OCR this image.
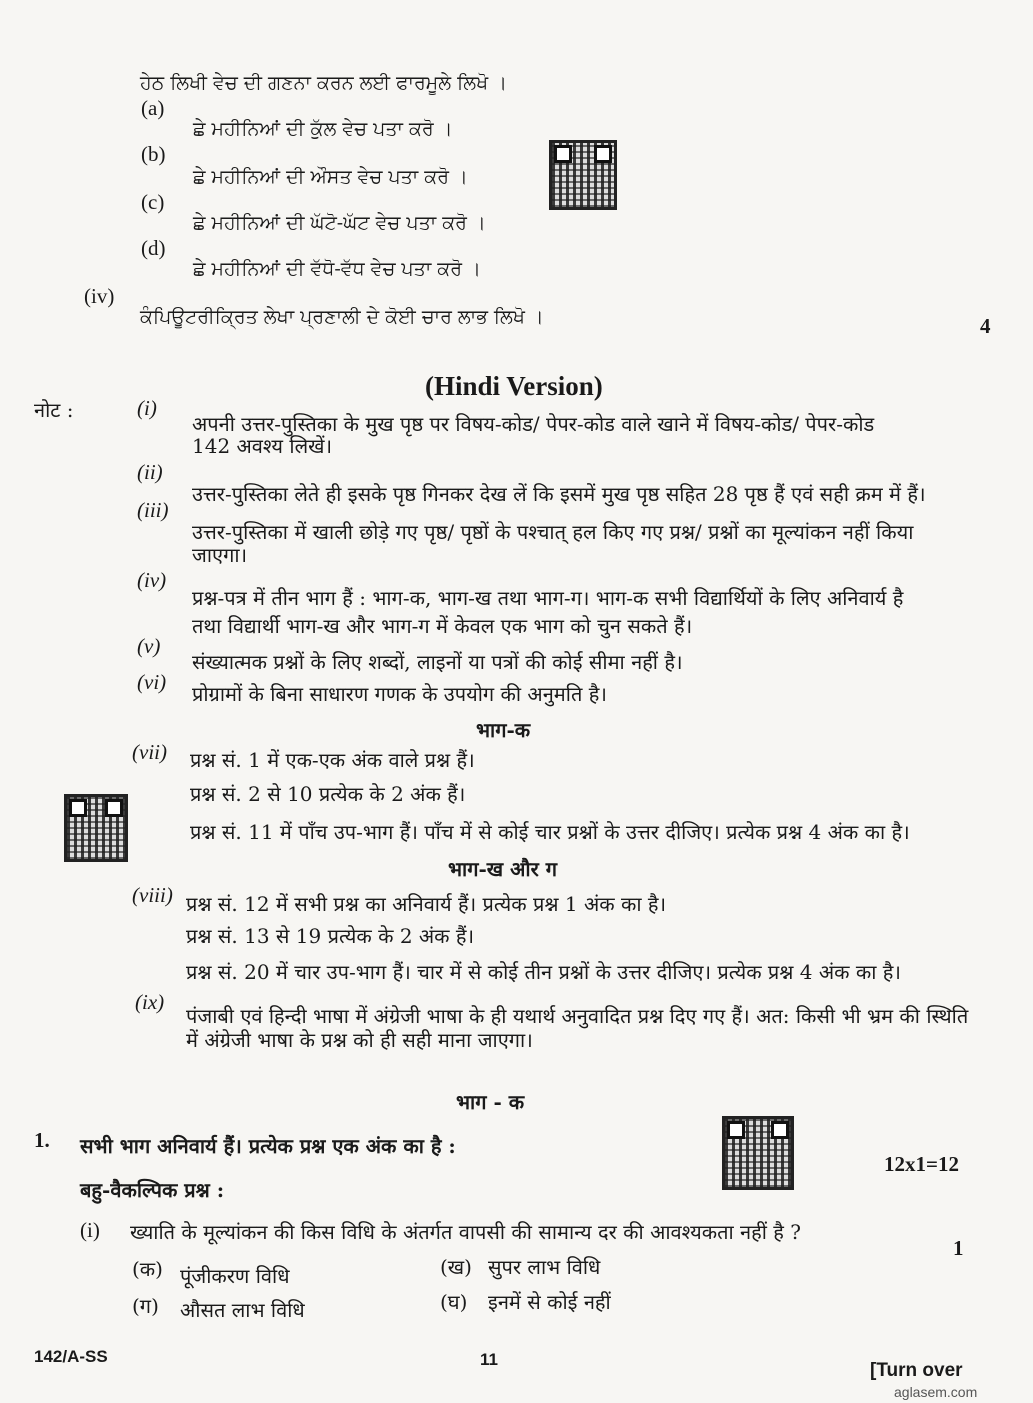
ਹੇਠ ਲਿਖੀ ਵੇਚ ਦੀ ਗਣਨਾ ਕਰਨ ਲਈ ਫਾਰਮੂਲੇ ਲਿਖੋ ।
(a)
ਛੇ ਮਹੀਨਿਆਂ ਦੀ ਕੁੱਲ ਵੇਚ ਪਤਾ ਕਰੋ ।
(b)
ਛੇ ਮਹੀਨਿਆਂ ਦੀ ਔਸਤ ਵੇਚ ਪਤਾ ਕਰੋ ।
(c)
ਛੇ ਮਹੀਨਿਆਂ ਦੀ ਘੱਟੋ-ਘੱਟ ਵੇਚ ਪਤਾ ਕਰੋ ।
(d)
ਛੇ ਮਹੀਨਿਆਂ ਦੀ ਵੱਧੋ-ਵੱਧ ਵੇਚ ਪਤਾ ਕਰੋ ।
(iv)
ਕੰਪਿਊਟਰੀਕ੍ਰਿਤ ਲੇਖਾ ਪ੍ਰਣਾਲੀ ਦੇ ਕੋਈ ਚਾਰ ਲਾਭ ਲਿਖੋ ।	4
(Hindi Version)
नोट :	(i)
अपनी उत्तर-पुस्तिका के मुख पृष्ठ पर विषय-कोड/ पेपर-कोड वाले खाने में विषय-कोड/ पेपर-कोड
142 अवश्य लिखें।
(ii)
उत्तर-पुस्तिका लेते ही इसके पृष्ठ गिनकर देख लें कि इसमें मुख पृष्ठ सहित 28 पृष्ठ हैं एवं सही क्रम में हैं।
(iii)
उत्तर-पुस्तिका में खाली छोड़े गए पृष्ठ/ पृष्ठों के पश्चात् हल किए गए प्रश्न/ प्रश्नों का मूल्यांकन नहीं किया
जाएगा।
(iv)
प्रश्न-पत्र में तीन भाग हैं : भाग-क, भाग-ख तथा भाग-ग। भाग-क सभी विद्यार्थियों के लिए अनिवार्य है
तथा विद्यार्थी भाग-ख और भाग-ग में केवल एक भाग को चुन सकते हैं।
(v)
संख्यात्मक प्रश्नों के लिए शब्दों, लाइनों या पत्रों की कोई सीमा नहीं है।
(vi) प्रोग्रामों के बिना साधारण गणक के उपयोग की अनुमति है।
भाग-क
(vii) प्रश्न सं. 1 में एक-एक अंक वाले प्रश्न हैं।
प्रश्न सं. 2 से 10 प्रत्येक के 2 अंक हैं।
प्रश्न सं. 11 में पाँच उप-भाग हैं। पाँच में से कोई चार प्रश्नों के उत्तर दीजिए। प्रत्येक प्रश्न 4 अंक का है।
भाग-ख और ग
(viii) प्रश्न सं. 12 में सभी प्रश्न का अनिवार्य हैं। प्रत्येक प्रश्न 1 अंक का है।
प्रश्न सं. 13 से 19 प्रत्येक के 2 अंक हैं।
प्रश्न सं. 20 में चार उप-भाग हैं। चार में से कोई तीन प्रश्नों के उत्तर दीजिए। प्रत्येक प्रश्न 4 अंक का है।
(ix)
पंजाबी एवं हिन्दी भाषा में अंग्रेजी भाषा के ही यथार्थ अनुवादित प्रश्न दिए गए हैं। अत: किसी भी भ्रम की स्थिति
में अंग्रेजी भाषा के प्रश्न को ही सही माना जाएगा।
भाग - क
1. सभी भाग अनिवार्य हैं। प्रत्येक प्रश्न एक अंक का है :
बहु-वैकल्पिक प्रश्न :
12x1=12
(i) ख्याति के मूल्यांकन की किस विधि के अंतर्गत वापसी की सामान्य दर की आवश्यकता नहीं है ?
1
(क) पूंजीकरण विधि	(ख) सुपर लाभ विधि
(ग) औसत लाभ विधि	(घ) इनमें से कोई नहीं
142/A-SS	11
[Turn over
aglasem.com
